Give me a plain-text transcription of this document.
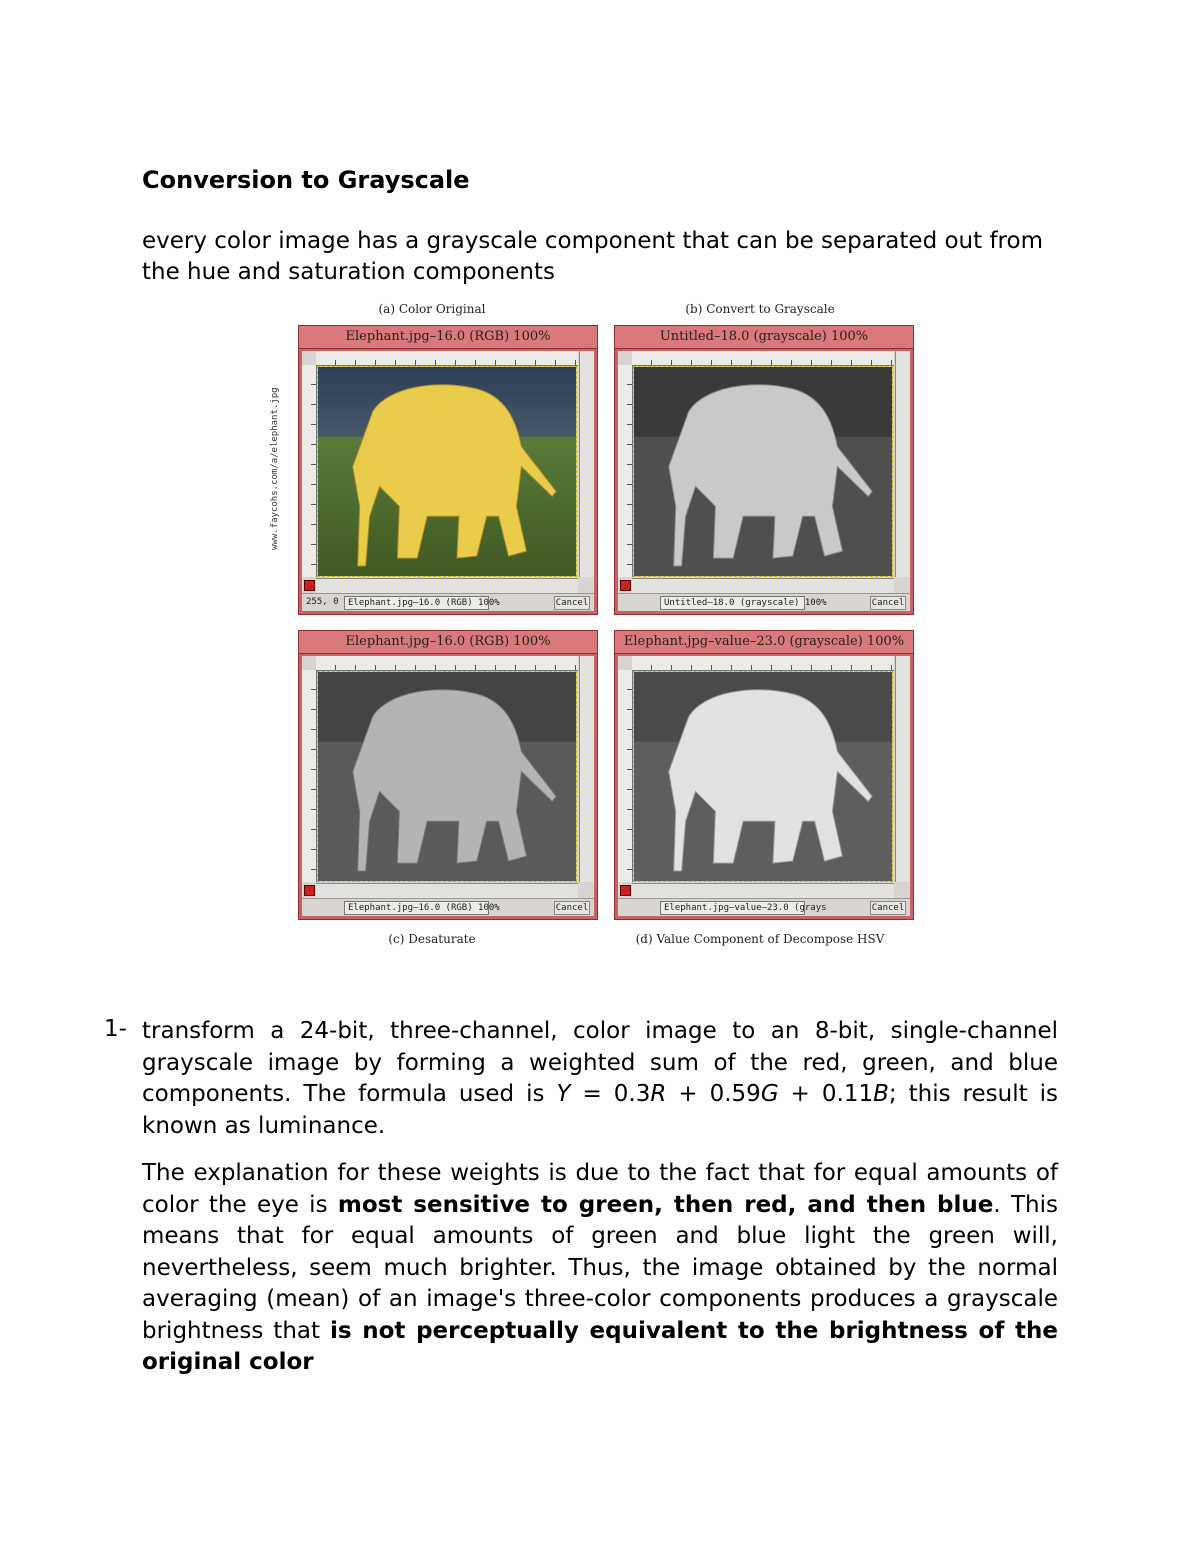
Conversion to Grayscale

every color image has a grayscale component that can be separated out from the hue and saturation components

(a) Color Original	(b) Convert to Grayscale
www.faycohs.com/a/elephant.jpg
Elephant.jpg–16.0 (RGB) 100%
255, 0	Elephant.jpg–16.0 (RGB) 100%	Cancel
Untitled–18.0 (grayscale) 100%
Untitled–18.0 (grayscale) 100%	Cancel
Elephant.jpg–16.0 (RGB) 100%
Elephant.jpg–16.0 (RGB) 100%	Cancel
Elephant.jpg–value–23.0 (grayscale) 100%
Elephant.jpg–value–23.0 (grays	Cancel
(c) Desaturate	(d) Value Component of Decompose HSV
1- transform a 24-bit, three-channel, color image to an 8-bit, single-channel grayscale image by forming a weighted sum of the red, green, and blue components. The formula used is Y = 0.3R + 0.59G + 0.11B; this result is known as luminance.

The explanation for these weights is due to the fact that for equal amounts of color the eye is most sensitive to green, then red, and then blue. This means that for equal amounts of green and blue light the green will, nevertheless, seem much brighter. Thus, the image obtained by the normal averaging (mean) of an image's three-color components produces a grayscale brightness that is not perceptually equivalent to the brightness of the original color
